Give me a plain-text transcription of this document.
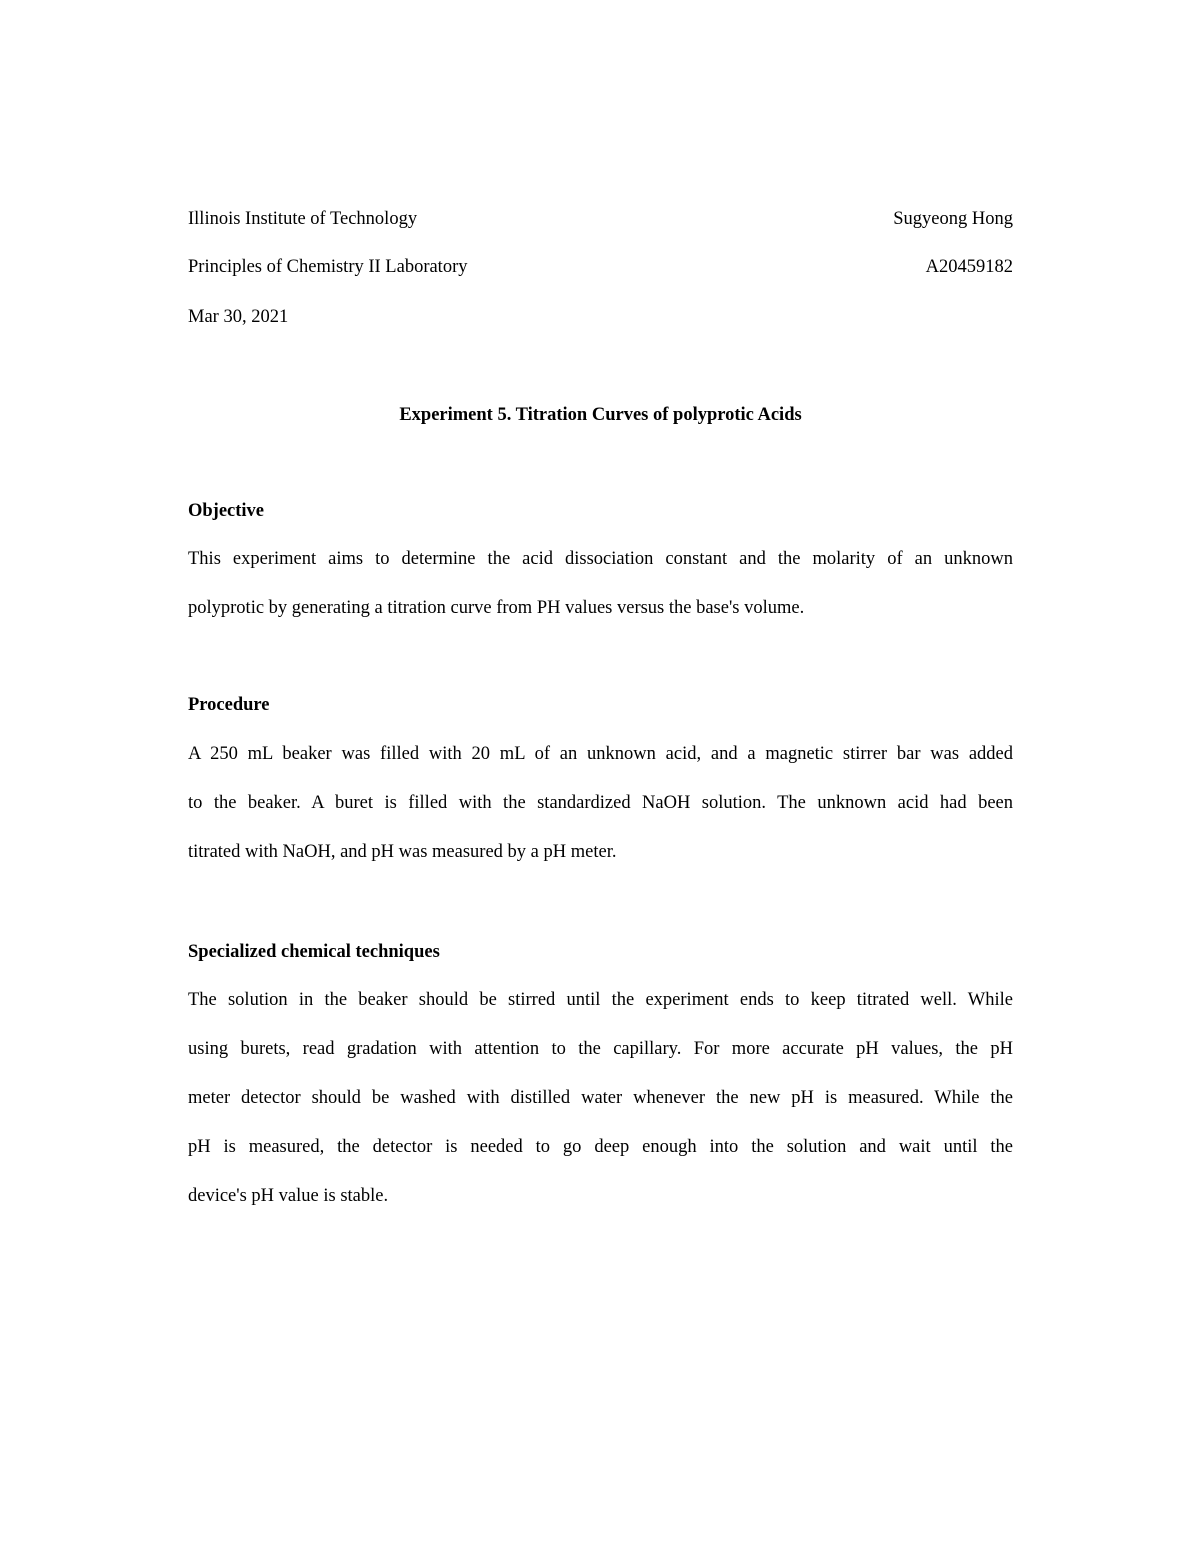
Illinois Institute of Technology	Sugyeong Hong
Principles of Chemistry II Laboratory	A20459182
Mar 30, 2021
Experiment 5. Titration Curves of polyprotic Acids
Objective
This experiment aims to determine the acid dissociation constant and the molarity of an unknown
polyprotic by generating a titration curve from PH values versus the base's volume.
Procedure
A 250 mL beaker was filled with 20 mL of an unknown acid, and a magnetic stirrer bar was added
to the beaker. A buret is filled with the standardized NaOH solution. The unknown acid had been
titrated with NaOH, and pH was measured by a pH meter.
Specialized chemical techniques
The solution in the beaker should be stirred until the experiment ends to keep titrated well. While
using burets, read gradation with attention to the capillary. For more accurate pH values, the pH
meter detector should be washed with distilled water whenever the new pH is measured. While the
pH is measured, the detector is needed to go deep enough into the solution and wait until the
device's pH value is stable.
